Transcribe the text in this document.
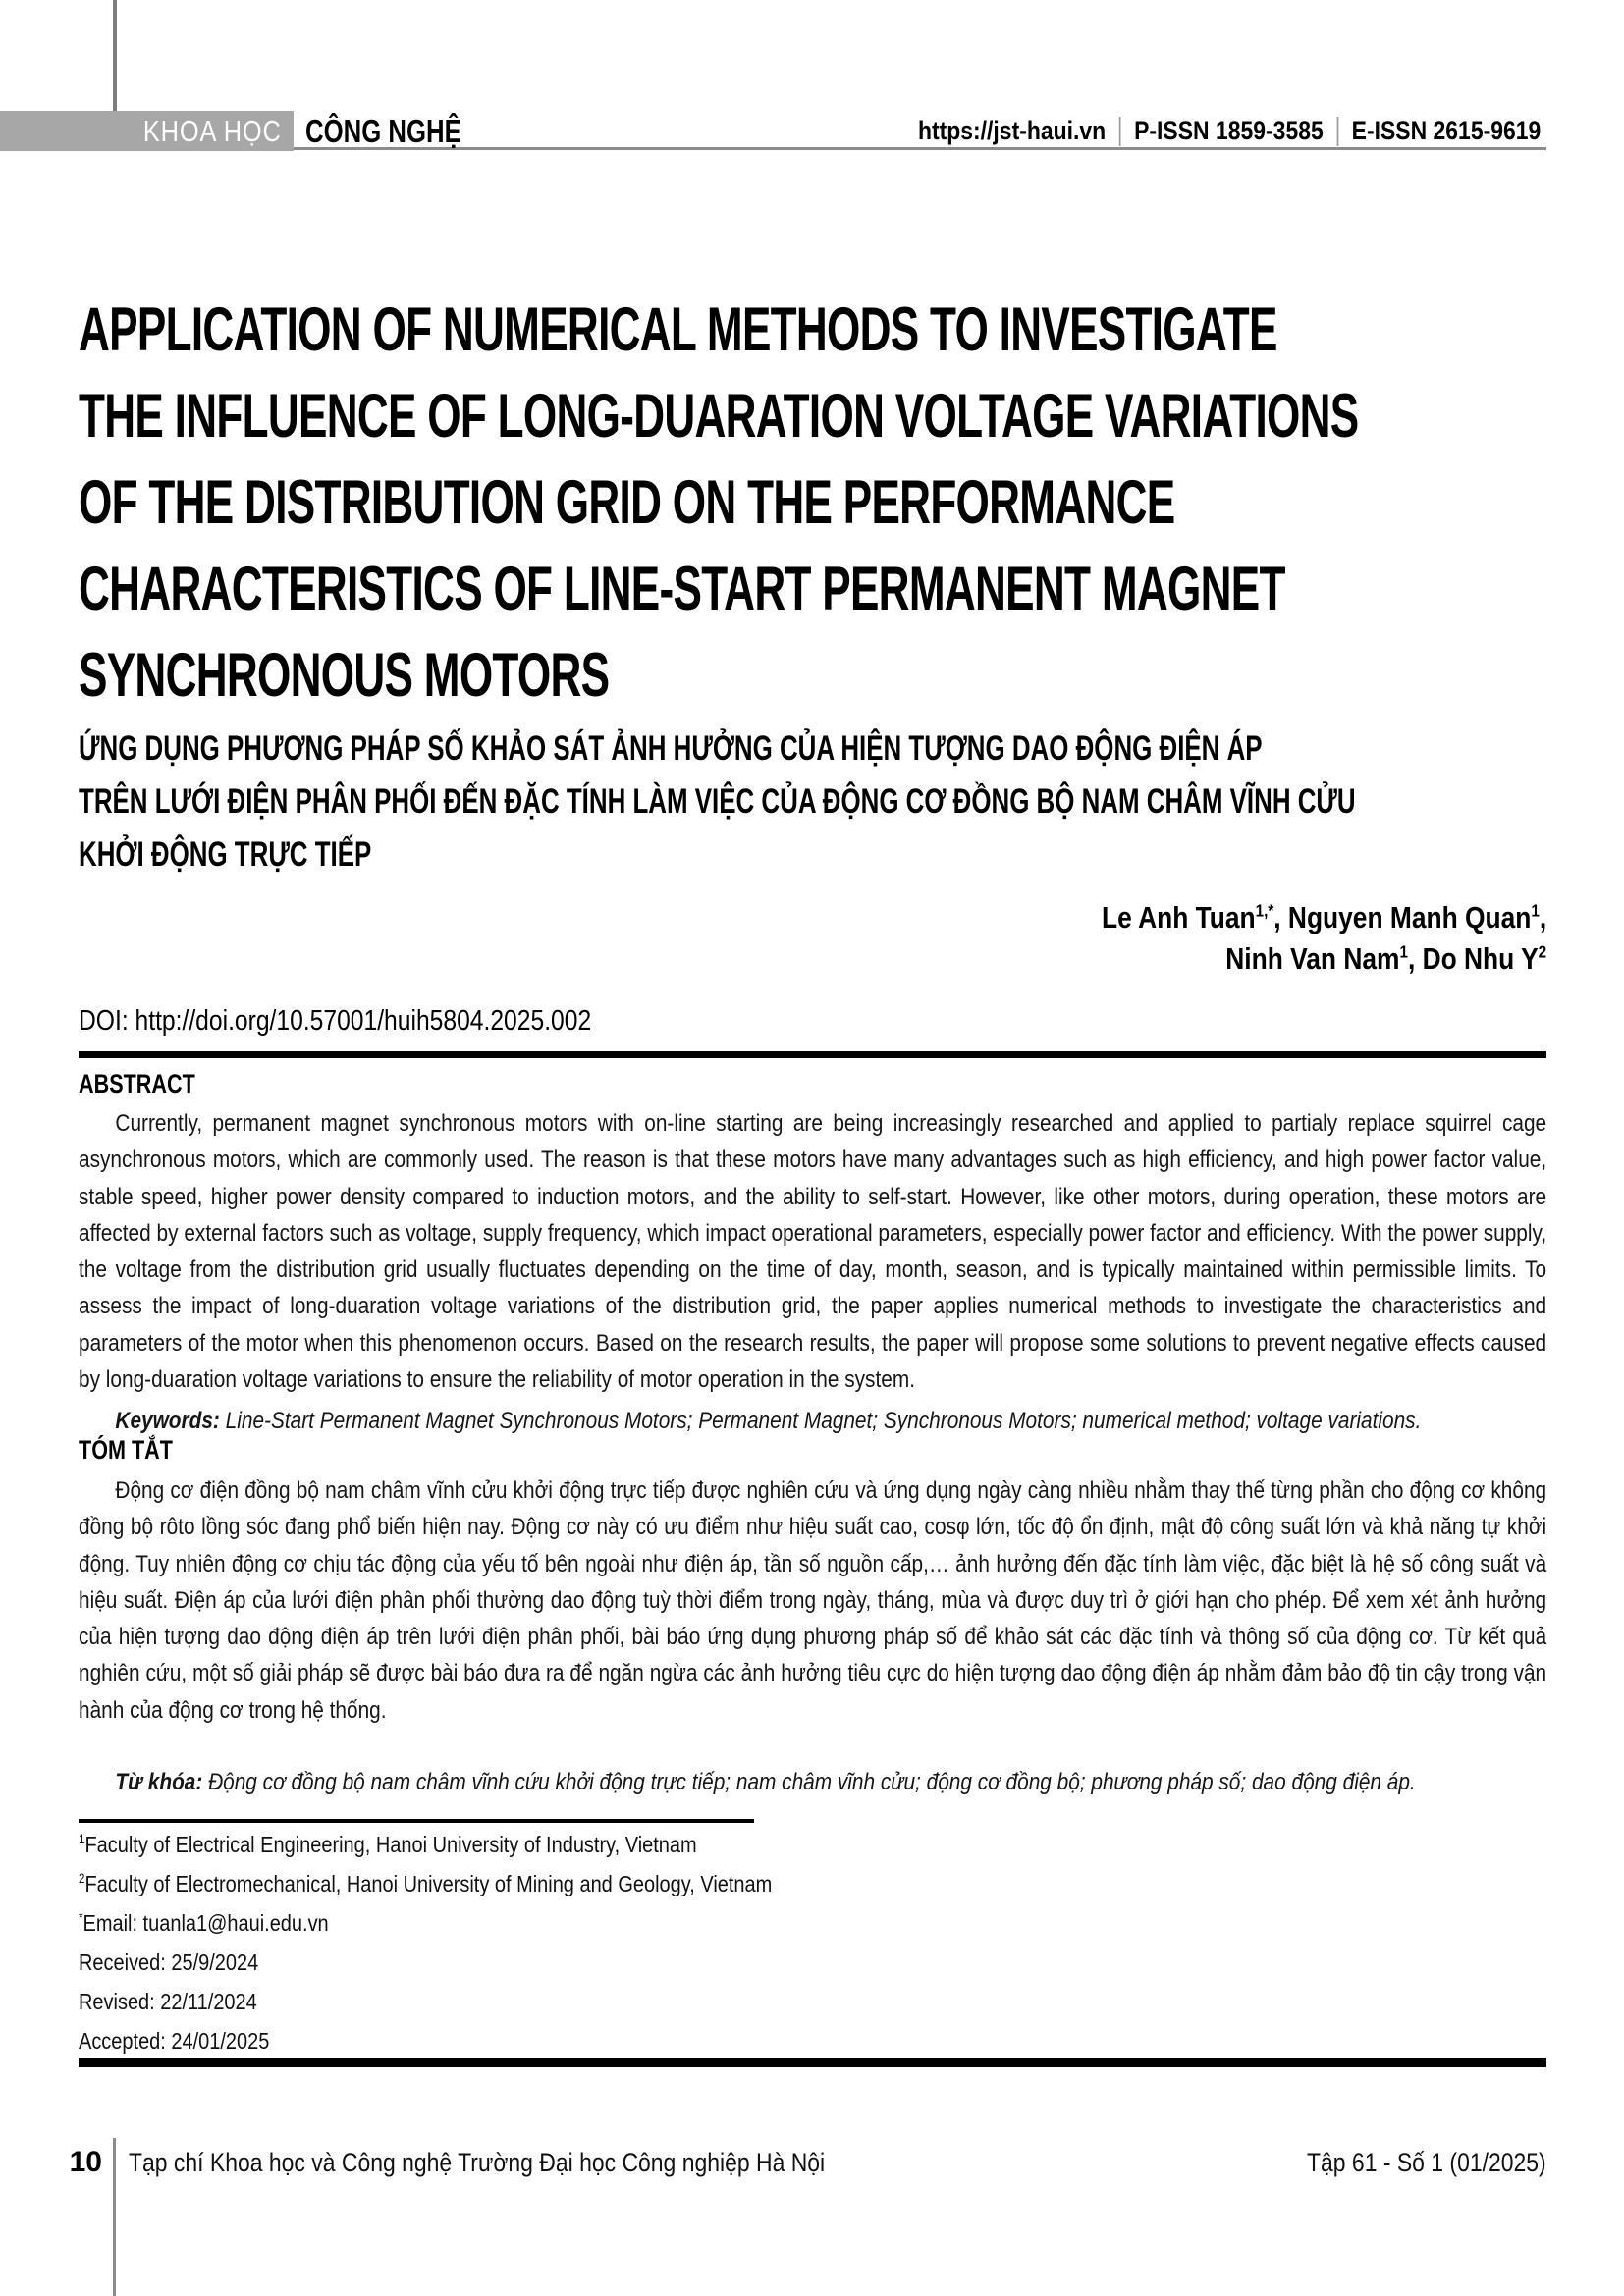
KHOA HỌC CÔNG NGHỆ	https://jst-haui.vn P-ISSN 1859-3585 E-ISSN 2615-9619
APPLICATION OF NUMERICAL METHODS TO INVESTIGATE
THE INFLUENCE OF LONG-DUARATION VOLTAGE VARIATIONS
OF THE DISTRIBUTION GRID ON THE PERFORMANCE
CHARACTERISTICS OF LINE-START PERMANENT MAGNET
SYNCHRONOUS MOTORS
ỨNG DỤNG PHƯƠNG PHÁP SỐ KHẢO SÁT ẢNH HƯỞNG CỦA HIỆN TƯỢNG DAO ĐỘNG ĐIỆN ÁP
TRÊN LƯỚI ĐIỆN PHÂN PHỐI ĐẾN ĐẶC TÍNH LÀM VIỆC CỦA ĐỘNG CƠ ĐỒNG BỘ NAM CHÂM VĨNH CỬU
KHỞI ĐỘNG TRỰC TIẾP
Le Anh Tuan$^{1,*}$, Nguyen Manh Quan$^1$,
Ninh Van Nam$^1$, Do Nhu $Y^2$
DOI: http://doi.org/10.57001/huih5804.2025.002
ABSTRACT

Currently, permanent magnet synchronous motors with on-line starting are being increasingly researched and applied to partialy replace squirrel cage asynchronous motors, which are commonly used. The reason is that these motors have many advantages such as high efficiency, and high power factor value, stable speed, higher power density compared to induction motors, and the ability to self-start. However, like other motors, during operation, these motors are affected by external factors such as voltage, supply frequency, which impact operational parameters, especially power factor and efficiency. With the power supply, the voltage from the distribution grid usually fluctuates depending on the time of day, month, season, and is typically maintained within permissible limits. To assess the impact of long-duaration voltage variations of the distribution grid, the paper applies numerical methods to investigate the characteristics and parameters of the motor when this phenomenon occurs. Based on the research results, the paper will propose some solutions to prevent negative effects caused by long-duaration voltage variations to ensure the reliability of motor operation in the system.

Keywords: Line-Start Permanent Magnet Synchronous Motors; Permanent Magnet; Synchronous Motors; numerical method; voltage variations.

TÓM TẮT

Động cơ điện đồng bộ nam châm vĩnh cửu khởi động trực tiếp được nghiên cứu và ứng dụng ngày càng nhiều nhằm thay thế từng phần cho động cơ không đồng bộ rôto lồng sóc đang phổ biến hiện nay. Động cơ này có ưu điểm như hiệu suất cao, cosφ lớn, tốc độ ổn định, mật độ công suất lớn và khả năng tự khởi động. Tuy nhiên động cơ chịu tác động của yếu tố bên ngoài như điện áp, tần số nguồn cấp,… ảnh hưởng đến đặc tính làm việc, đặc biệt là hệ số công suất và hiệu suất. Điện áp của lưới điện phân phối thường dao động tuỳ thời điểm trong ngày, tháng, mùa và được duy trì ở giới hạn cho phép. Để xem xét ảnh hưởng của hiện tượng dao động điện áp trên lưới điện phân phối, bài báo ứng dụng phương pháp số để khảo sát các đặc tính và thông số của động cơ. Từ kết quả nghiên cứu, một số giải pháp sẽ được bài báo đưa ra để ngăn ngừa các ảnh hưởng tiêu cực do hiện tượng dao động điện áp nhằm đảm bảo độ tin cậy trong vận hành của động cơ trong hệ thống.

Từ khóa: Động cơ đồng bộ nam châm vĩnh cứu khởi động trực tiếp; nam châm vĩnh cửu; động cơ đồng bộ; phương pháp số; dao động điện áp.

$^1$Faculty of Electrical Engineering, Hanoi University of Industry, Vietnam
$^2$Faculty of Electromechanical, Hanoi University of Mining and Geology, Vietnam
*Email: tuanla1@haui.edu.vn
Received: 25/9/2024
Revised: 22/11/2024
Accepted: 24/01/2025
10 Tạp chí Khoa học và Công nghệ Trường Đại học Công nghiệp Hà Nội	Tập 61 - Số 1 (01/2025)
